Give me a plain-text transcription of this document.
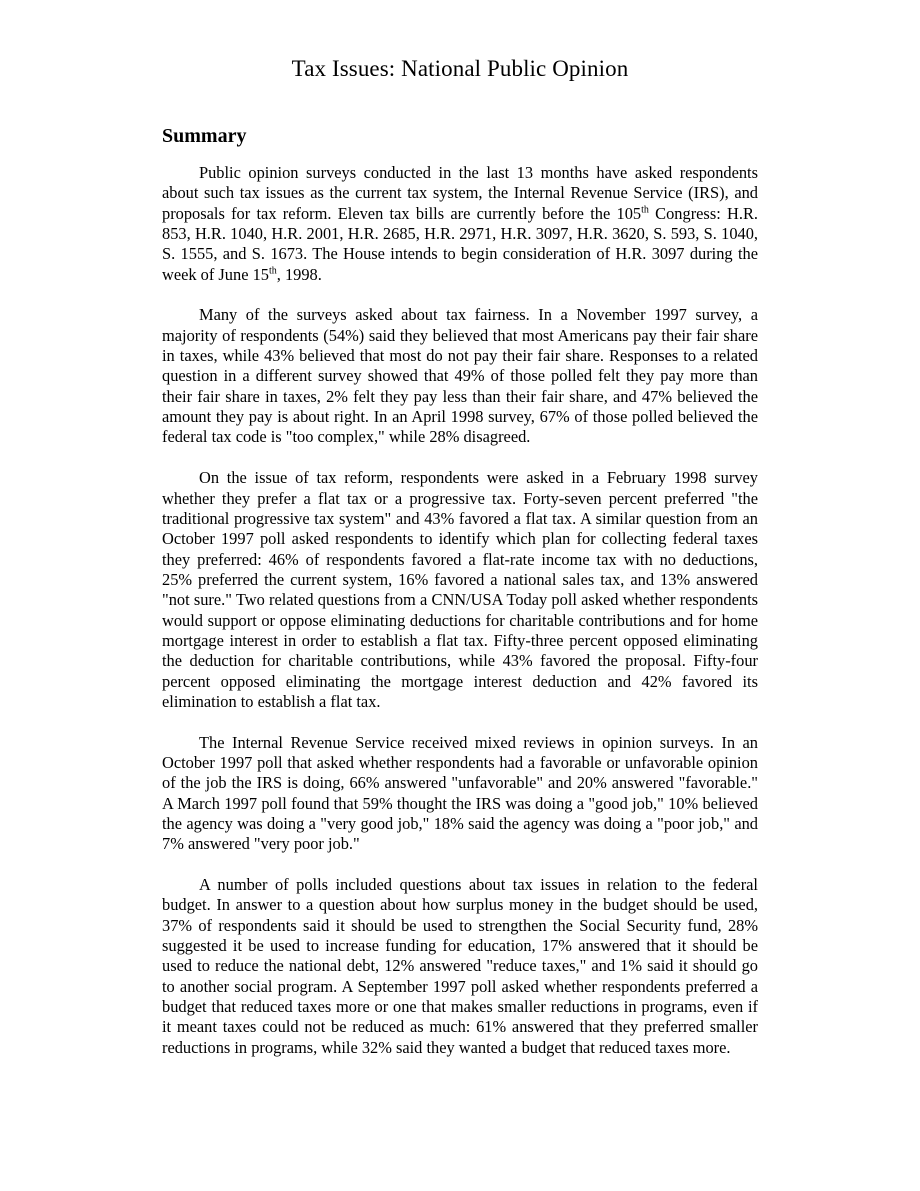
Tax Issues: National Public Opinion
Summary

Public opinion surveys conducted in the last 13 months have asked respondents about such tax issues as the current tax system, the Internal Revenue Service (IRS), and proposals for tax reform. Eleven tax bills are currently before the 105th Congress: H.R. 853, H.R. 1040, H.R. 2001, H.R. 2685, H.R. 2971, H.R. 3097, H.R. 3620, S. 593, S. 1040, S. 1555, and S. 1673. The House intends to begin consideration of H.R. 3097 during the week of June 15th, 1998.

Many of the surveys asked about tax fairness. In a November 1997 survey, a majority of respondents (54%) said they believed that most Americans pay their fair share in taxes, while 43% believed that most do not pay their fair share. Responses to a related question in a different survey showed that 49% of those polled felt they pay more than their fair share in taxes, 2% felt they pay less than their fair share, and 47% believed the amount they pay is about right. In an April 1998 survey, 67% of those polled believed the federal tax code is "too complex," while 28% disagreed.

On the issue of tax reform, respondents were asked in a February 1998 survey whether they prefer a flat tax or a progressive tax. Forty-seven percent preferred "the traditional progressive tax system" and 43% favored a flat tax. A similar question from an October 1997 poll asked respondents to identify which plan for collecting federal taxes they preferred: 46% of respondents favored a flat-rate income tax with no deductions, 25% preferred the current system, 16% favored a national sales tax, and 13% answered "not sure." Two related questions from a CNN/USA Today poll asked whether respondents would support or oppose eliminating deductions for charitable contributions and for home mortgage interest in order to establish a flat tax. Fifty-three percent opposed eliminating the deduction for charitable contributions, while 43% favored the proposal. Fifty-four percent opposed eliminating the mortgage interest deduction and 42% favored its elimination to establish a flat tax.

The Internal Revenue Service received mixed reviews in opinion surveys. In an October 1997 poll that asked whether respondents had a favorable or unfavorable opinion of the job the IRS is doing, 66% answered "unfavorable" and 20% answered "favorable." A March 1997 poll found that 59% thought the IRS was doing a "good job," 10% believed the agency was doing a "very good job," 18% said the agency was doing a "poor job," and 7% answered "very poor job."

A number of polls included questions about tax issues in relation to the federal budget. In answer to a question about how surplus money in the budget should be used, 37% of respondents said it should be used to strengthen the Social Security fund, 28% suggested it be used to increase funding for education, 17% answered that it should be used to reduce the national debt, 12% answered "reduce taxes," and 1% said it should go to another social program. A September 1997 poll asked whether respondents preferred a budget that reduced taxes more or one that makes smaller reductions in programs, even if it meant taxes could not be reduced as much: 61% answered that they preferred smaller reductions in programs, while 32% said they wanted a budget that reduced taxes more.
